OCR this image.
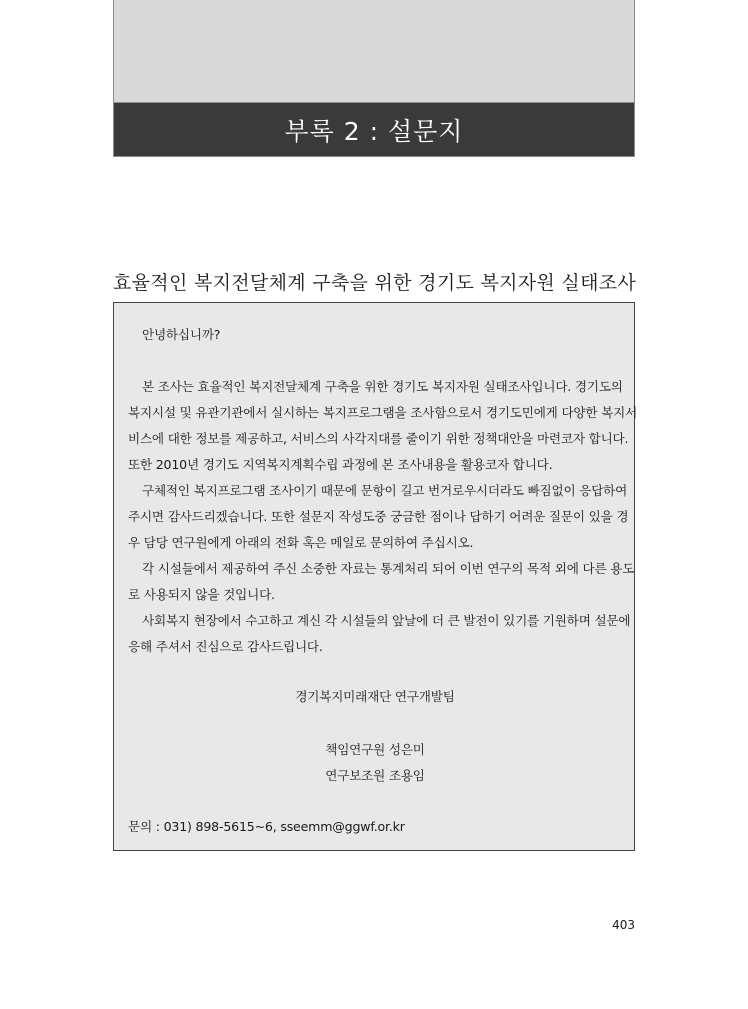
부록 2 : 설문지
효율적인 복지전달체계 구축을 위한 경기도 복지자원 실태조사
안녕하십니까?
본 조사는 효율적인 복지전달체계 구축을 위한 경기도 복지자원 실태조사입니다. 경기도의
복지시설 및 유관기관에서 실시하는 복지프로그램을 조사함으로서 경기도민에게 다양한 복지서
비스에 대한 정보를 제공하고, 서비스의 사각지대를 줄이기 위한 정책대안을 마련코자 합니다.
또한 2010년 경기도 지역복지계획수립 과정에 본 조사내용을 활용코자 합니다.
구체적인 복지프로그램 조사이기 때문에 문항이 길고 번거로우시더라도 빠짐없이 응답하여
주시면 감사드리겠습니다. 또한 설문지 작성도중 궁금한 점이나 답하기 어려운 질문이 있을 경
우 담당 연구원에게 아래의 전화 혹은 메일로 문의하여 주십시오.
각 시설들에서 제공하여 주신 소중한 자료는 통계처리 되어 이번 연구의 목적 외에 다른 용도
로 사용되지 않을 것입니다.
사회복지 현장에서 수고하고 계신 각 시설들의 앞날에 더 큰 발전이 있기를 기원하며 설문에
응해 주셔서 진심으로 감사드립니다.
경기복지미래재단 연구개발팀
책임연구원 성은미
연구보조원 조용임
문의 : 031) 898-5615~6, sseemm@ggwf.or.kr
403
